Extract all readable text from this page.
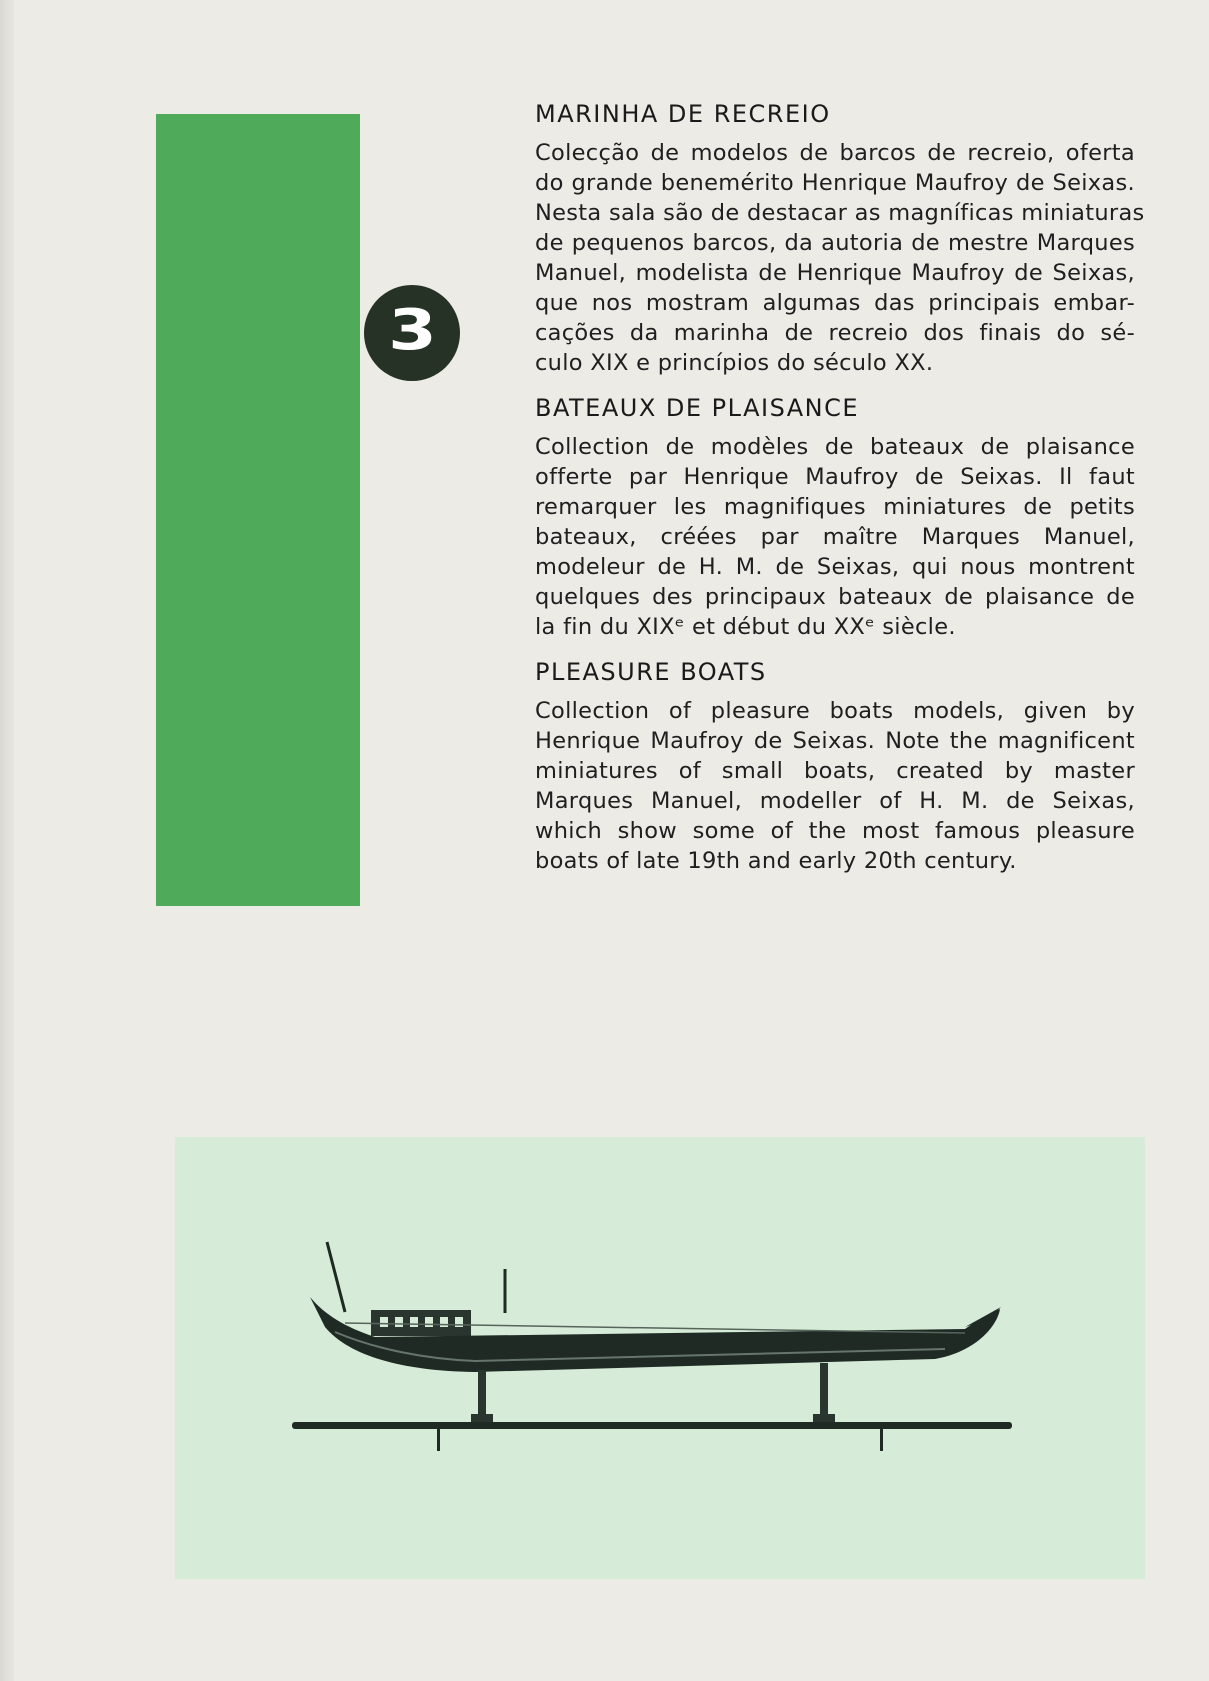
3
MARINHA DE RECREIO
Colecção de modelos de barcos de recreio, oferta
do grande benemérito Henrique Maufroy de Seixas.
Nesta sala são de destacar as magníficas miniaturas
de pequenos barcos, da autoria de mestre Marques
Manuel, modelista de Henrique Maufroy de Seixas,
que nos mostram algumas das principais embar-
cações da marinha de recreio dos finais do sé-
culo XIX e princípios do século XX.
BATEAUX DE PLAISANCE
Collection de modèles de bateaux de plaisance
offerte par Henrique Maufroy de Seixas. Il faut
remarquer les magnifiques miniatures de petits
bateaux, créées par maître Marques Manuel,
modeleur de H. M. de Seixas, qui nous montrent
quelques des principaux bateaux de plaisance de
la fin du XIXᵉ et début du XXᵉ siècle.
PLEASURE BOATS
Collection of pleasure boats models, given by
Henrique Maufroy de Seixas. Note the magnificent
miniatures of small boats, created by master
Marques Manuel, modeller of H. M. de Seixas,
which show some of the most famous pleasure
boats of late 19th and early 20th century.
